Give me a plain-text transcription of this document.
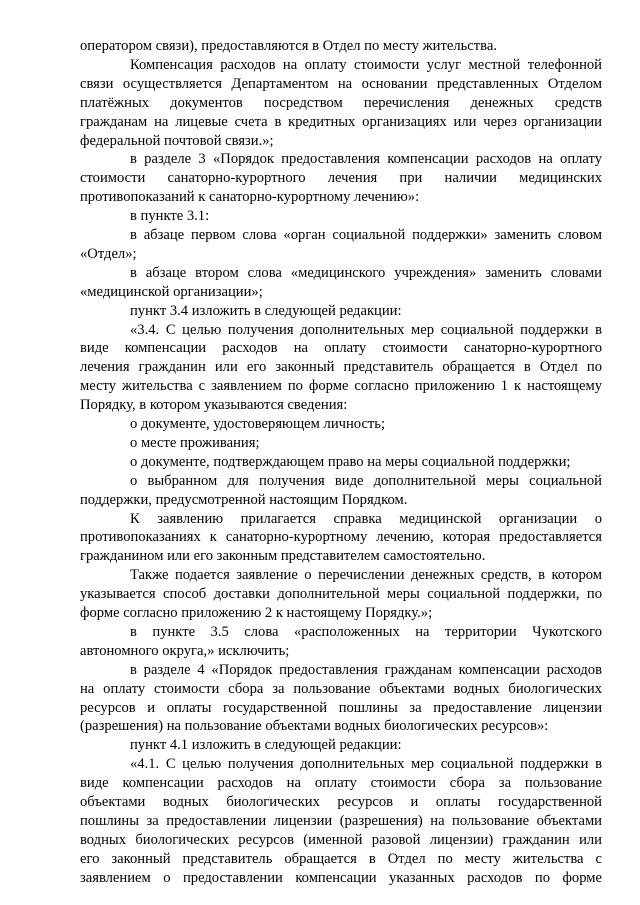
оператором связи), предоставляются в Отдел по месту жительства.

Компенсация расходов на оплату стоимости услуг местной телефонной

связи осуществляется Департаментом на основании представленных Отделом

платёжных документов посредством перечисления денежных средств

гражданам на лицевые счета в кредитных организациях или через организации

федеральной почтовой связи.»;

в разделе 3 «Порядок предоставления компенсации расходов на оплату

стоимости санаторно-курортного лечения при наличии медицинских

противопоказаний к санаторно-курортному лечению»:

в пункте 3.1:

в абзаце первом слова «орган социальной поддержки» заменить словом

«Отдел»;

в абзаце втором слова «медицинского учреждения» заменить словами

«медицинской организации»;

пункт 3.4 изложить в следующей редакции:

«3.4. С целью получения дополнительных мер социальной поддержки в

виде компенсации расходов на оплату стоимости санаторно-курортного

лечения гражданин или его законный представитель обращается в Отдел по

месту жительства с заявлением по форме согласно приложению 1 к настоящему

Порядку, в котором указываются сведения:

о документе, удостоверяющем личность;

о месте проживания;

о документе, подтверждающем право на меры социальной поддержки;

о выбранном для получения виде дополнительной меры социальной

поддержки, предусмотренной настоящим Порядком.

К заявлению прилагается справка медицинской организации о

противопоказаниях к санаторно-курортному лечению, которая предоставляется

гражданином или его законным представителем самостоятельно.

Также подается заявление о перечислении денежных средств, в котором

указывается способ доставки дополнительной меры социальной поддержки, по

форме согласно приложению 2 к настоящему Порядку.»;

в пункте 3.5 слова «расположенных на территории Чукотского

автономного округа,» исключить;

в разделе 4 «Порядок предоставления гражданам компенсации расходов

на оплату стоимости сбора за пользование объектами водных биологических

ресурсов и оплаты государственной пошлины за предоставление лицензии

(разрешения) на пользование объектами водных биологических ресурсов»:

пункт 4.1 изложить в следующей редакции:

«4.1. С целью получения дополнительных мер социальной поддержки в

виде компенсации расходов на оплату стоимости сбора за пользование

объектами водных биологических ресурсов и оплаты государственной

пошлины за предоставлении лицензии (разрешения) на пользование объектами

водных биологических ресурсов (именной разовой лицензии) гражданин или

его законный представитель обращается в Отдел по месту жительства с

заявлением о предоставлении компенсации указанных расходов по форме
